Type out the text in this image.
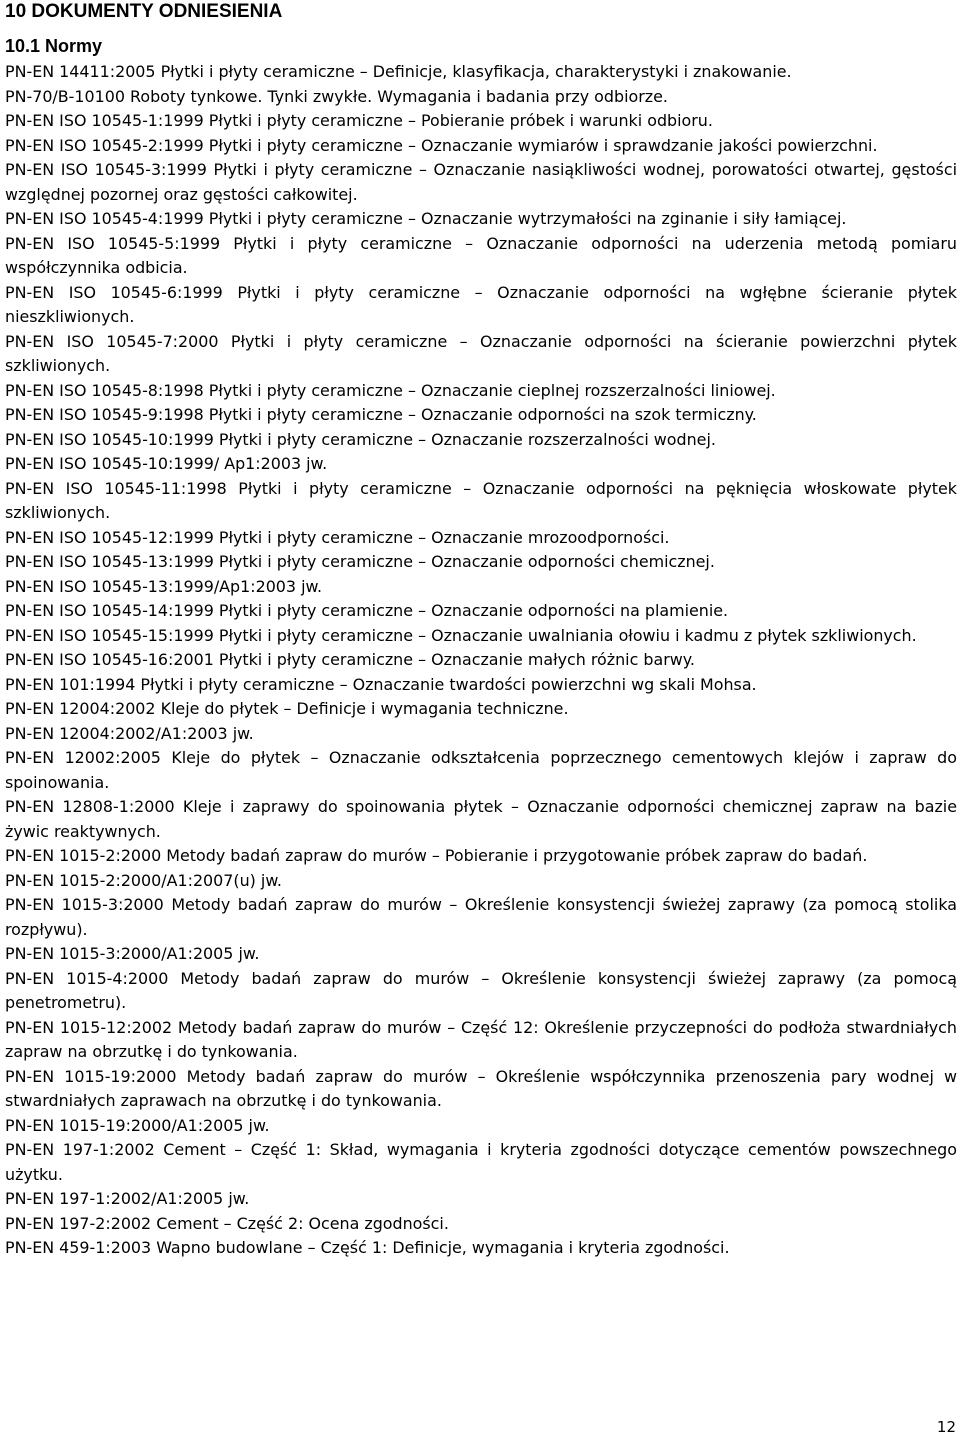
10 DOKUMENTY ODNIESIENIA
10.1 Normy

PN-EN 14411:2005 Płytki i płyty ceramiczne – Definicje, klasyfikacja, charakterystyki i znakowanie.

PN-70/B-10100 Roboty tynkowe. Tynki zwykłe. Wymagania i badania przy odbiorze.

PN-EN ISO 10545-1:1999 Płytki i płyty ceramiczne – Pobieranie próbek i warunki odbioru.

PN-EN ISO 10545-2:1999 Płytki i płyty ceramiczne – Oznaczanie wymiarów i sprawdzanie jakości powierzchni.

PN-EN ISO 10545-3:1999 Płytki i płyty ceramiczne – Oznaczanie nasiąkliwości wodnej, porowatości otwartej, gęstości względnej pozornej oraz gęstości całkowitej.

PN-EN ISO 10545-4:1999 Płytki i płyty ceramiczne – Oznaczanie wytrzymałości na zginanie i siły łamiącej.

PN-EN ISO 10545-5:1999 Płytki i płyty ceramiczne – Oznaczanie odporności na uderzenia metodą pomiaru współczynnika odbicia.

PN-EN ISO 10545-6:1999 Płytki i płyty ceramiczne – Oznaczanie odporności na wgłębne ścieranie płytek nieszkliwionych.

PN-EN ISO 10545-7:2000 Płytki i płyty ceramiczne – Oznaczanie odporności na ścieranie powierzchni płytek szkliwionych.

PN-EN ISO 10545-8:1998 Płytki i płyty ceramiczne – Oznaczanie cieplnej rozszerzalności liniowej.

PN-EN ISO 10545-9:1998 Płytki i płyty ceramiczne – Oznaczanie odporności na szok termiczny.

PN-EN ISO 10545-10:1999 Płytki i płyty ceramiczne – Oznaczanie rozszerzalności wodnej.

PN-EN ISO 10545-10:1999/ Ap1:2003 jw.

PN-EN ISO 10545-11:1998 Płytki i płyty ceramiczne – Oznaczanie odporności na pęknięcia włoskowate płytek szkliwionych.

PN-EN ISO 10545-12:1999 Płytki i płyty ceramiczne – Oznaczanie mrozoodporności.

PN-EN ISO 10545-13:1999 Płytki i płyty ceramiczne – Oznaczanie odporności chemicznej.

PN-EN ISO 10545-13:1999/Ap1:2003 jw.

PN-EN ISO 10545-14:1999 Płytki i płyty ceramiczne – Oznaczanie odporności na plamienie.

PN-EN ISO 10545-15:1999 Płytki i płyty ceramiczne – Oznaczanie uwalniania ołowiu i kadmu z płytek szkliwionych.

PN-EN ISO 10545-16:2001 Płytki i płyty ceramiczne – Oznaczanie małych różnic barwy.

PN-EN 101:1994 Płytki i płyty ceramiczne – Oznaczanie twardości powierzchni wg skali Mohsa.

PN-EN 12004:2002 Kleje do płytek – Definicje i wymagania techniczne.

PN-EN 12004:2002/A1:2003 jw.

PN-EN 12002:2005 Kleje do płytek – Oznaczanie odkształcenia poprzecznego cementowych klejów i zapraw do spoinowania.

PN-EN 12808-1:2000 Kleje i zaprawy do spoinowania płytek – Oznaczanie odporności chemicznej zapraw na bazie żywic reaktywnych.

PN-EN 1015-2:2000 Metody badań zapraw do murów – Pobieranie i przygotowanie próbek zapraw do badań.

PN-EN 1015-2:2000/A1:2007(u) jw.

PN-EN 1015-3:2000 Metody badań zapraw do murów – Określenie konsystencji świeżej zaprawy (za pomocą stolika rozpływu).

PN-EN 1015-3:2000/A1:2005 jw.

PN-EN 1015-4:2000 Metody badań zapraw do murów – Określenie konsystencji świeżej zaprawy (za pomocą penetrometru).

PN-EN 1015-12:2002 Metody badań zapraw do murów – Część 12: Określenie przyczepności do podłoża stwardniałych zapraw na obrzutkę i do tynkowania.

PN-EN 1015-19:2000 Metody badań zapraw do murów – Określenie współczynnika przenoszenia pary wodnej w stwardniałych zaprawach na obrzutkę i do tynkowania.

PN-EN 1015-19:2000/A1:2005 jw.

PN-EN 197-1:2002 Cement – Część 1: Skład, wymagania i kryteria zgodności dotyczące cementów powszechnego użytku.

PN-EN 197-1:2002/A1:2005 jw.

PN-EN 197-2:2002 Cement – Część 2: Ocena zgodności.

PN-EN 459-1:2003 Wapno budowlane – Część 1: Definicje, wymagania i kryteria zgodności.

12
